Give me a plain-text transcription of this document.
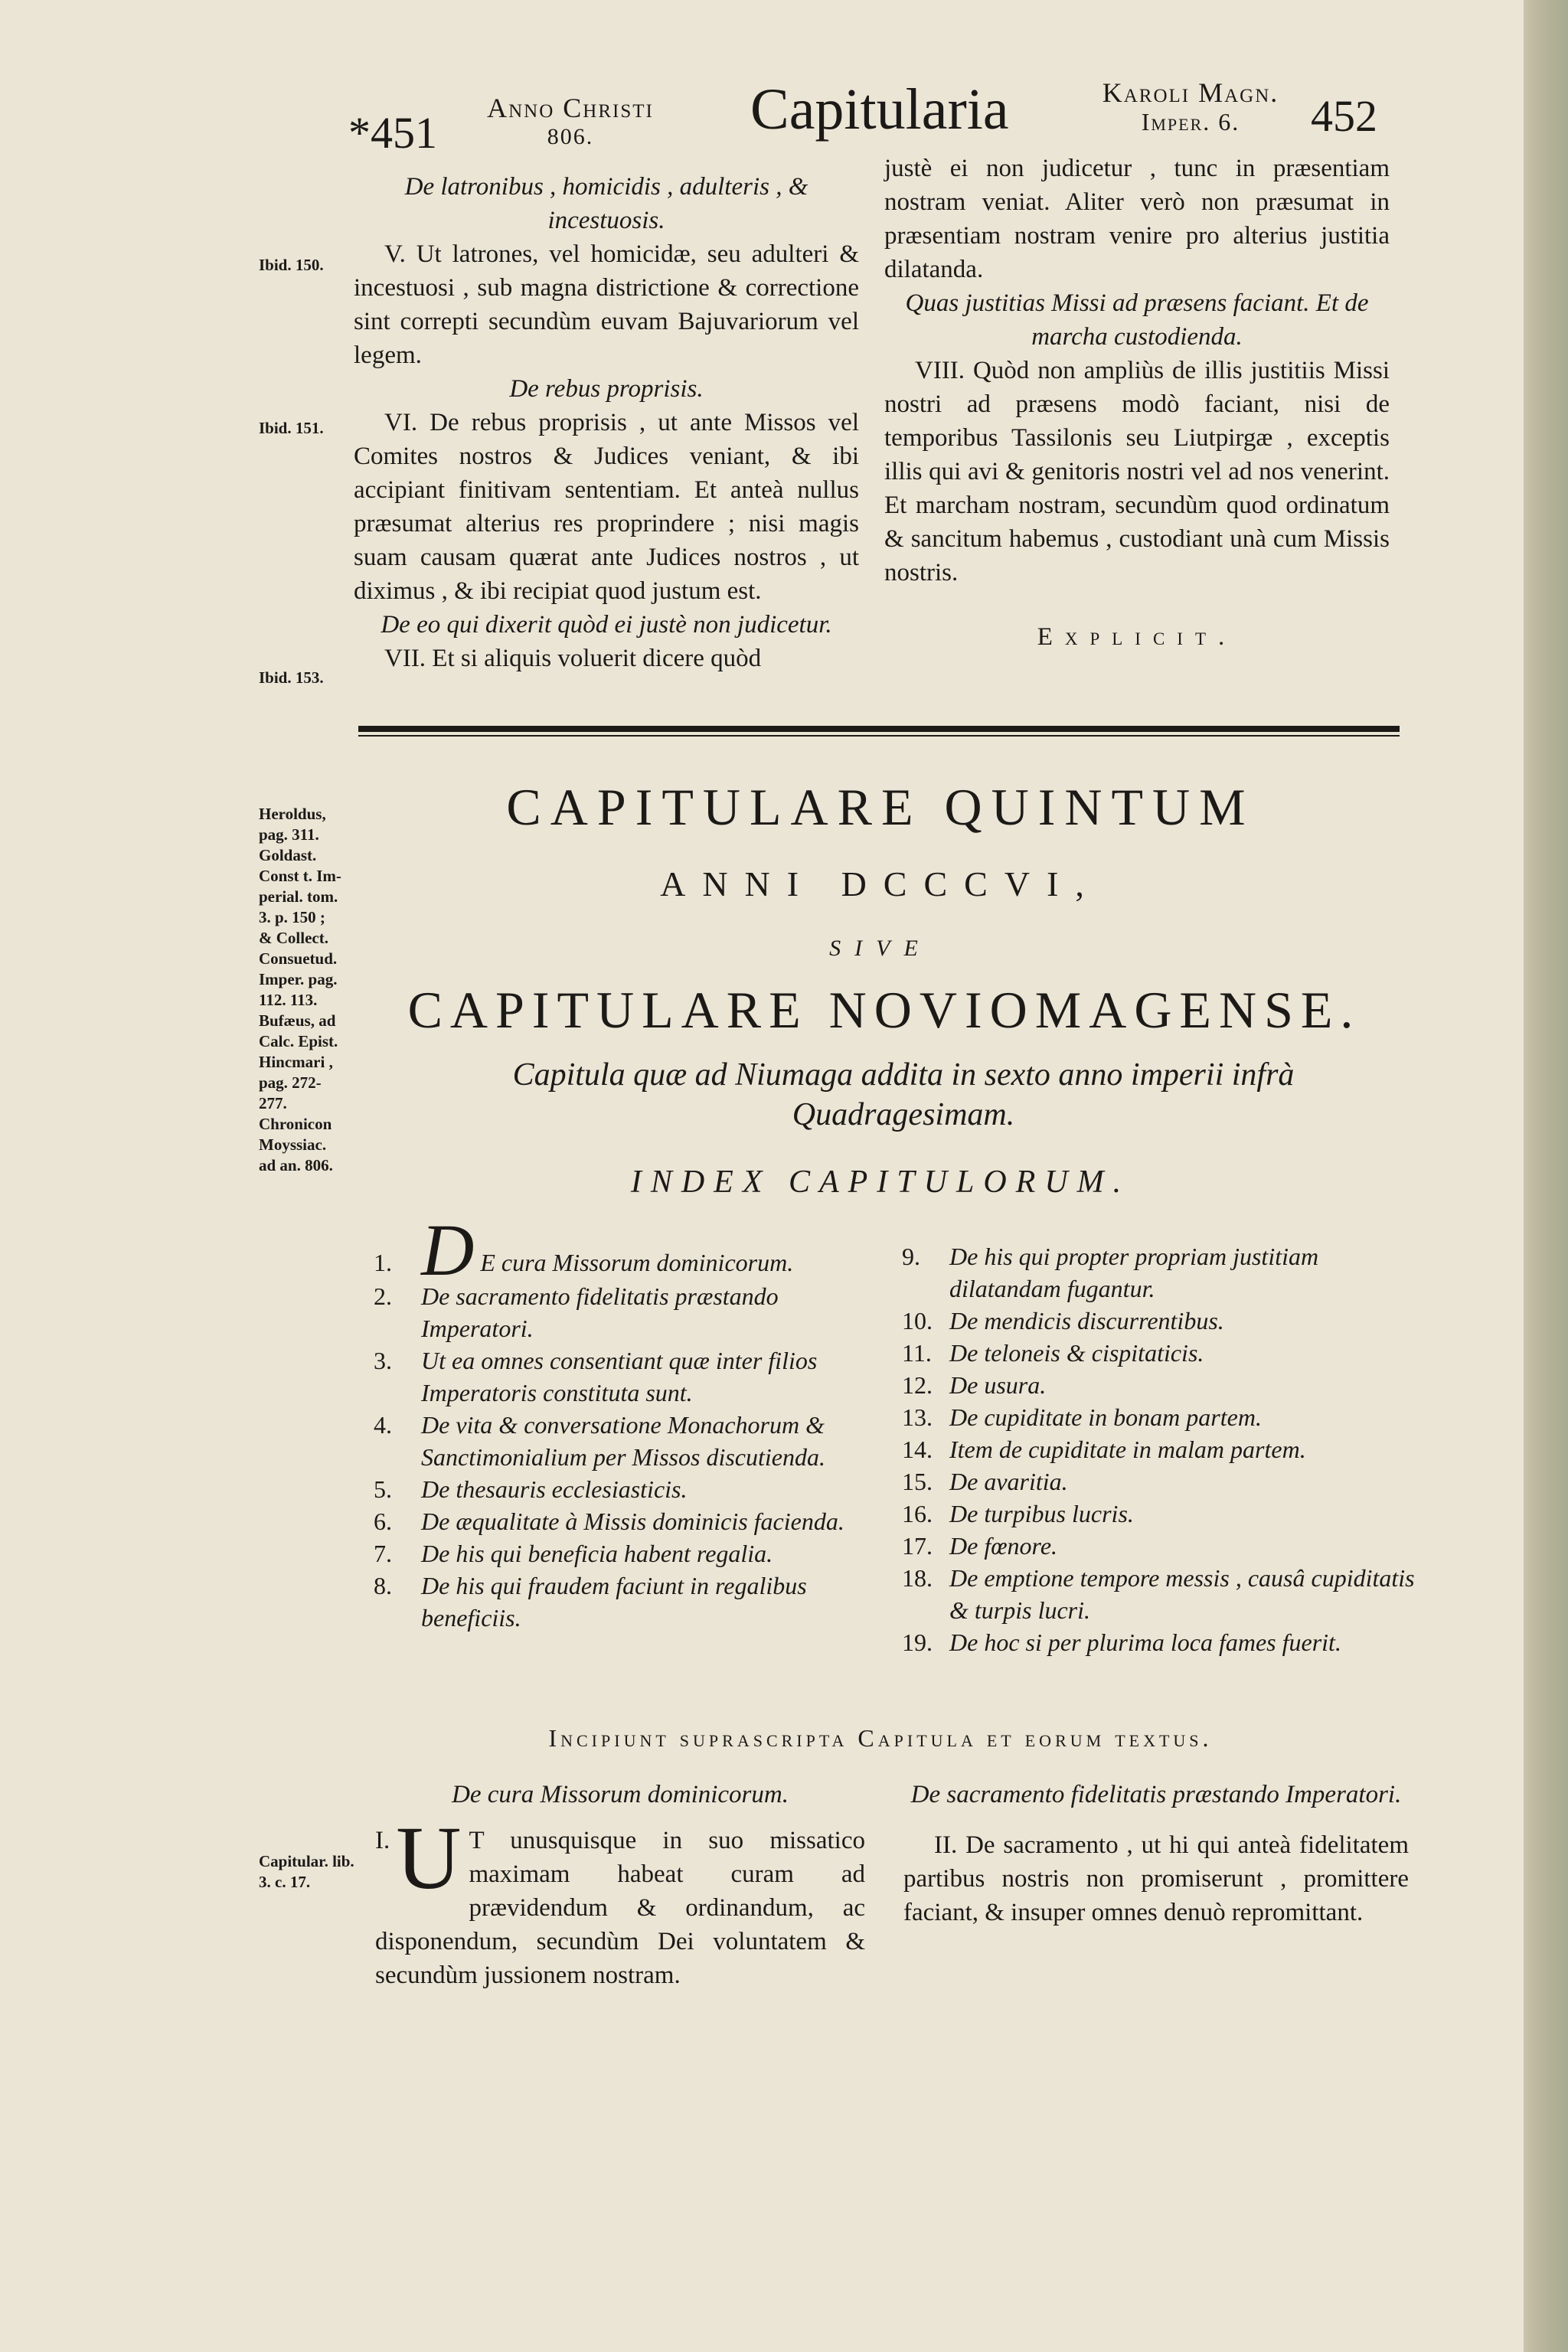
*451	Anno Christi
806.	Capitularia	Karoli Magn.
Imper. 6.	452

De latronibus , homicidis , adulteris , & incestuosis.

V. Ut latrones, vel homicidæ, seu adulteri & incestuosi , sub magna districtione & correctione sint correpti secundùm euvam Bajuvariorum vel legem.

De rebus proprisis.

VI. De rebus proprisis , ut ante Missos vel Comites nostros & Judices veniant, & ibi accipiant finitivam sententiam. Et anteà nullus præsumat alterius res proprindere ; nisi magis suam causam quærat ante Judices nostros , ut diximus , & ibi recipiat quod justum est.

De eo qui dixerit quòd ei justè non judicetur.

VII. Et si aliquis voluerit dicere quòd

justè ei non judicetur , tunc in præsentiam nostram veniat. Aliter verò non præsumat in præsentiam nostram venire pro alterius justitia dilatanda.

Quas justitias Missi ad præsens faciant. Et de marcha custodienda.

VIII. Quòd non ampliùs de illis justitiis Missi nostri ad præsens modò faciant, nisi de temporibus Tassilonis seu Liutpirgæ , exceptis illis qui avi & genitoris nostri vel ad nos venerint. Et marcham nostram, secundùm quod ordinatum & sancitum habemus , custodiant unà cum Missis nostris.

Explicit.

Ibid. 150.
Ibid. 151.
Ibid. 153.
Heroldus,
pag. 311.
Goldast.
Const t. Im-
perial. tom.
3. p. 150 ;
& Collect.
Consuetud.
Imper. pag.
112. 113.
Bufæus, ad
Calc. Epist.
Hincmari ,
pag. 272-
277.
Chronicon
Moyssiac.
ad an. 806.
CAPITULARE QUINTUM
ANNI DCCCVI,
SIVE
CAPITULARE NOVIOMAGENSE.
Capitula quæ ad Niumaga addita in sexto anno imperii infrà Quadragesimam.
INDEX CAPITULORUM.
1. D E cura Missorum dominicorum.
2.	De sacramento fidelitatis præstando Imperatori.
3.	Ut ea omnes consentiant quæ inter filios Imperatoris constituta sunt.
4.	De vita & conversatione Monachorum & Sanctimonialium per Missos discutienda.
5.	De thesauris ecclesiasticis.
6.	De æqualitate à Missis dominicis facienda.
7.	De his qui beneficia habent regalia.
8.	De his qui fraudem faciunt in regalibus beneficiis.
9.	De his qui propter propriam justitiam dilatandam fugantur.
10. De mendicis discurrentibus.
11. De teloneis & cispitaticis.
12. De usura.
13. De cupiditate in bonam partem.
14. Item de cupiditate in malam partem.
15. De avaritia.
16. De turpibus lucris.
17. De fœnore.
18. De emptione tempore messis , causâ cupiditatis & turpis lucri.
19. De hoc si per plurima loca fames fuerit.
Incipiunt suprascripta Capitula et eorum textus.

De cura Missorum dominicorum.

I. U T unusquisque in suo missatico maximam habeat curam ad prævidendum & ordinandum, ac disponendum, secundùm Dei voluntatem & secundùm jussionem nostram.

Capitular. lib. 3. c. 17.

De sacramento fidelitatis præstando Imperatori.

II. De sacramento , ut hi qui anteà fidelitatem partibus nostris non promiserunt , promittere faciant, & insuper omnes denuò repromittant.
